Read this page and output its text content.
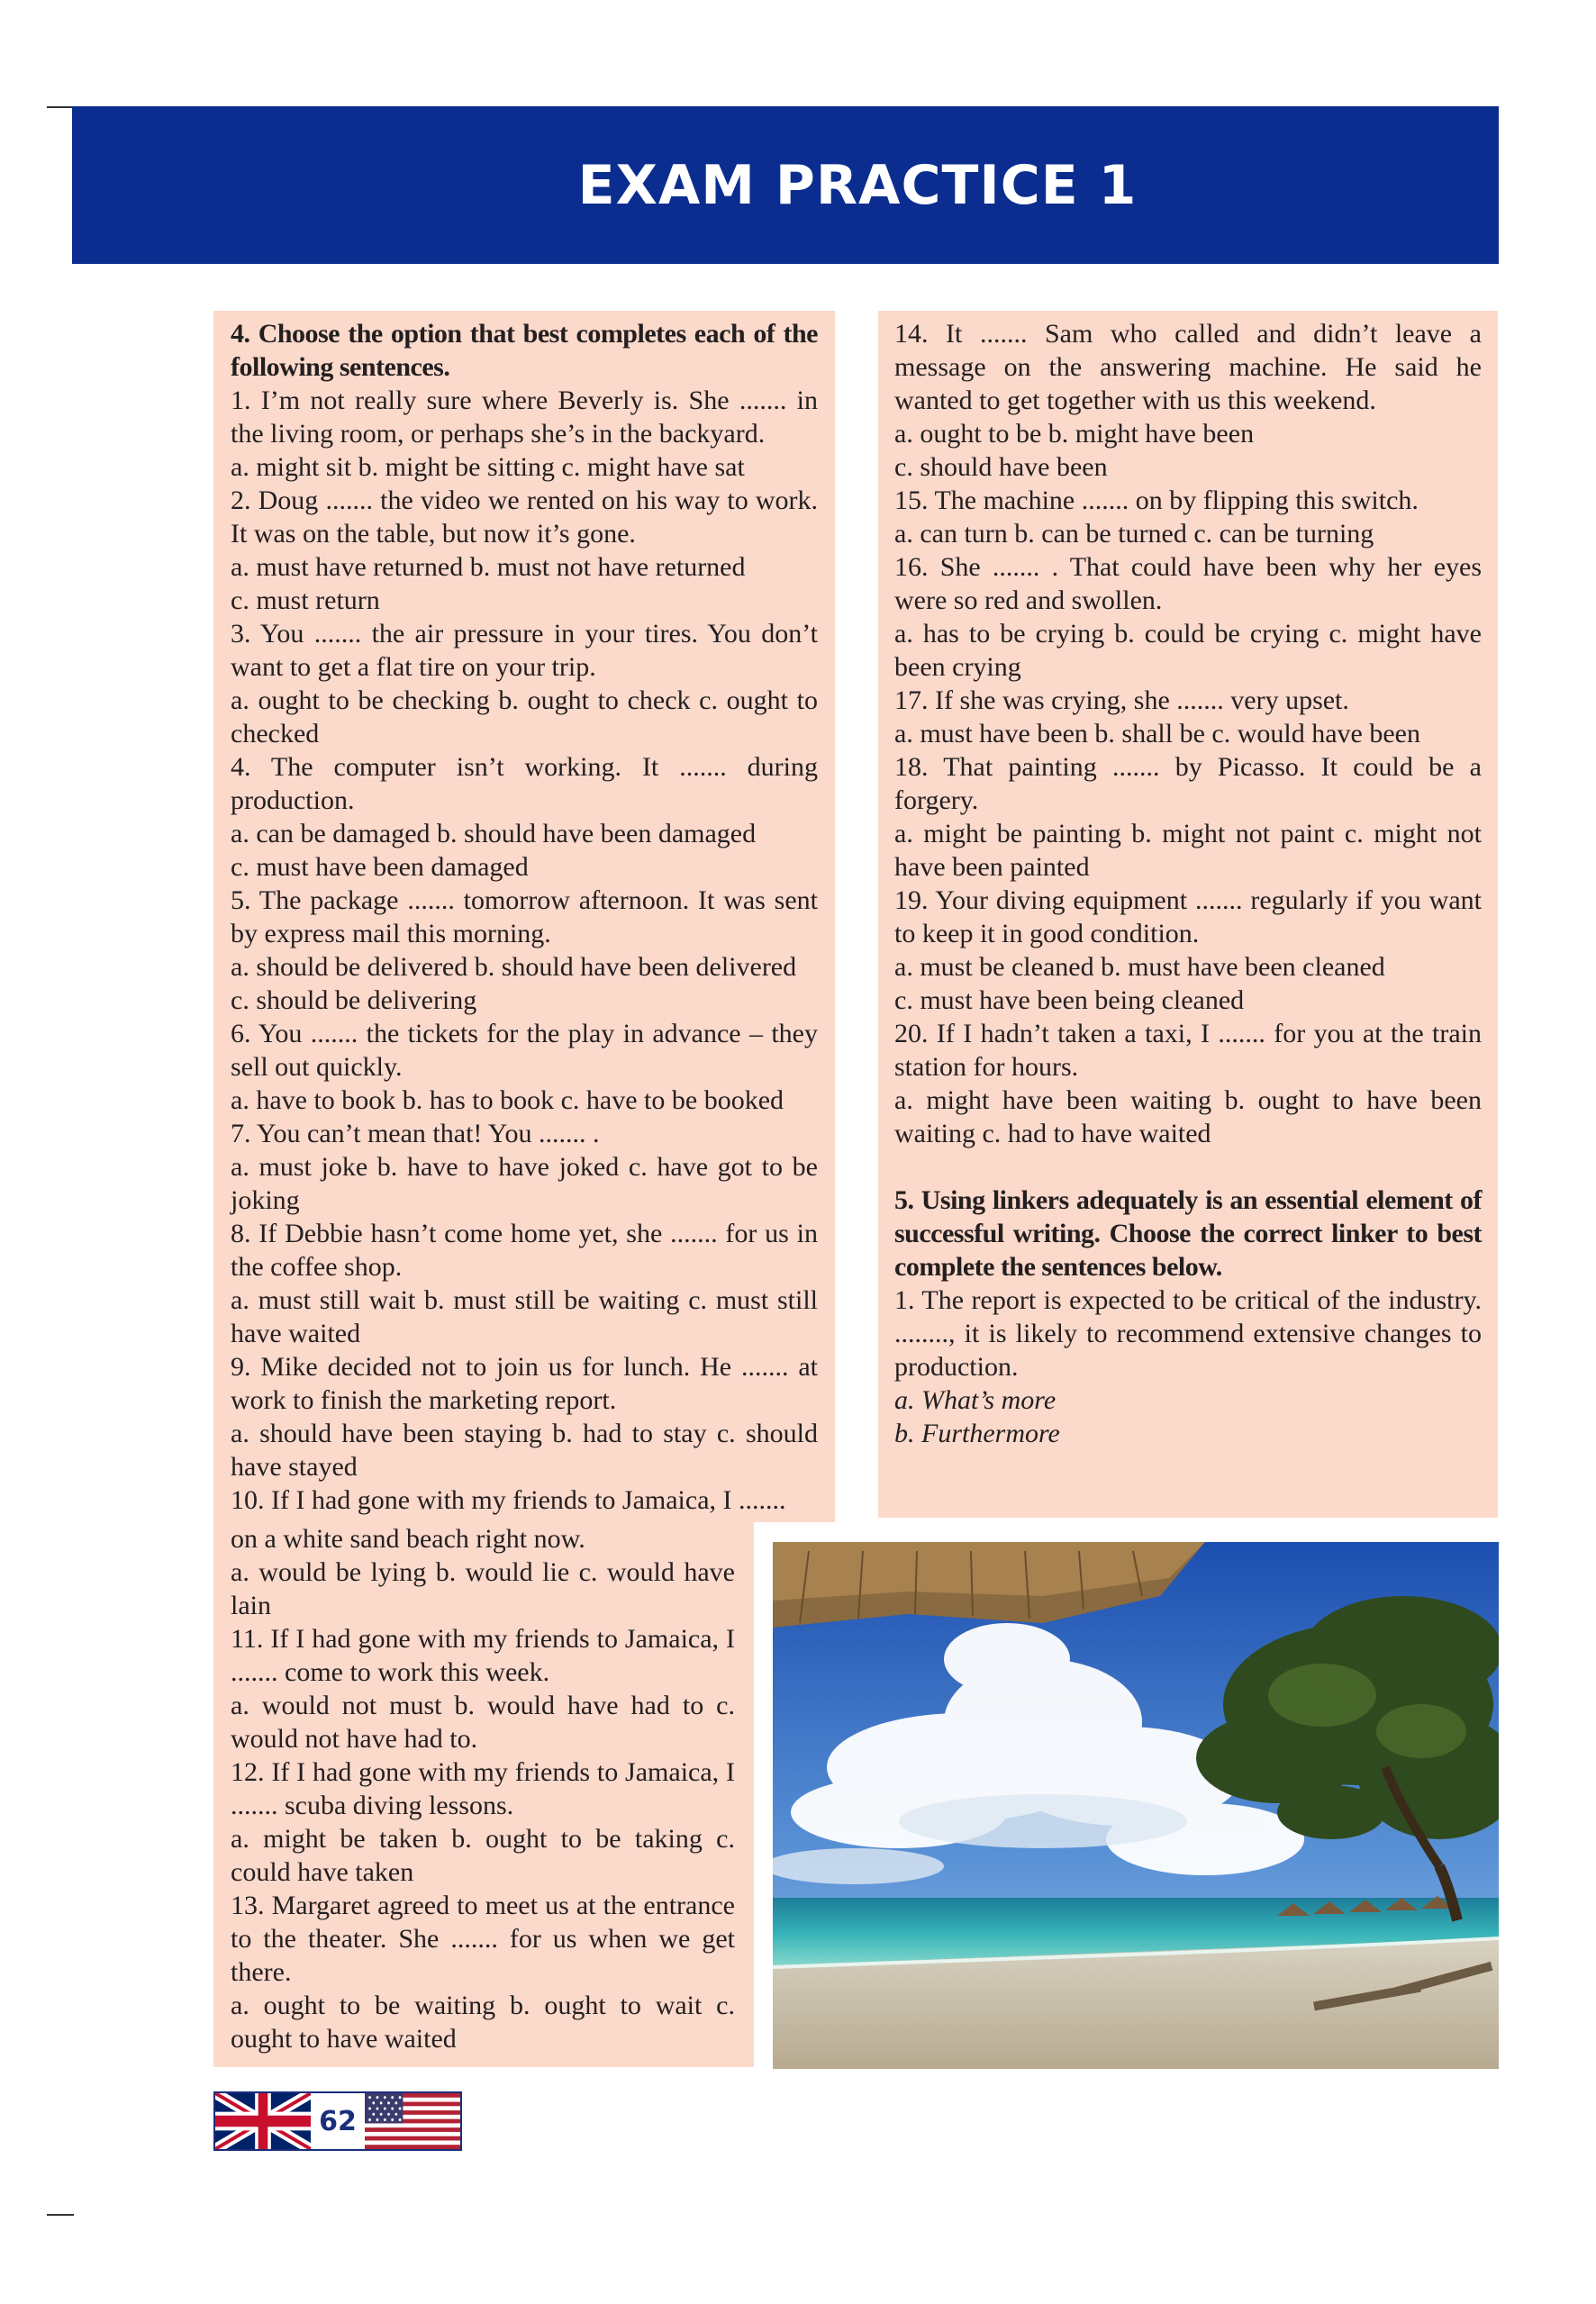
EXAM PRACTICE 1

4. Choose the option that best completes each of the following sentences.

1. I’m not really sure where Beverly is. She ....... in the living room, or perhaps she’s in the backyard.

a. might sit b. might be sitting c. might have sat

2. Doug ....... the video we rented on his way to work. It was on the table, but now it’s gone.

a. must have returned b. must not have returned

c. must return

3. You ....... the air pressure in your tires. You don’t want to get a flat tire on your trip.

a. ought to be checking b. ought to check c. ought to checked

4. The computer isn’t working. It ....... during production.

a. can be damaged b. should have been damaged

c. must have been damaged

5. The package ....... tomorrow afternoon. It was sent by express mail this morning.

a. should be delivered b. should have been delivered

c. should be delivering

6. You ....... the tickets for the play in advance – they sell out quickly.

a. have to book b. has to book c. have to be booked

7. You can’t mean that! You ....... .

a. must joke b. have to have joked c. have got to be joking

8. If Debbie hasn’t come home yet, she ....... for us in the coffee shop.

a. must still wait b. must still be waiting c. must still have waited

9. Mike decided not to join us for lunch. He ....... at work to finish the marketing report.

a. should have been staying b. had to stay c. should have stayed

10. If I had gone with my friends to Jamaica, I .......

on a white sand beach right now.

a. would be lying b. would lie c. would have lain

11. If I had gone with my friends to Jamaica, I ....... come to work this week.

a. would not must b. would have had to c. would not have had to.

12. If I had gone with my friends to Jamaica, I ....... scuba diving lessons.

a. might be taken b. ought to be taking c. could have taken

13. Margaret agreed to meet us at the entrance to the theater. She ....... for us when we get there.

a. ought to be waiting b. ought to wait c. ought to have waited

14. It ....... Sam who called and didn’t leave a message on the answering machine. He said he wanted to get together with us this weekend.

a. ought to be b. might have been

c. should have been

15. The machine ....... on by flipping this switch.

a. can turn b. can be turned c. can be turning

16. She ....... . That could have been why her eyes were so red and swollen.

a. has to be crying b. could be crying c. might have been crying

17. If she was crying, she ....... very upset.

a. must have been b. shall be c. would have been

18. That painting ....... by Picasso. It could be a forgery.

a. might be painting b. might not paint c. might not have been painted

19. Your diving equipment ....... regularly if you want to keep it in good condition.

a. must be cleaned b. must have been cleaned

c. must have been being cleaned

20. If I hadn’t taken a taxi, I ....... for you at the train station for hours.

a. might have been waiting b. ought to have been waiting c. had to have waited

5. Using linkers adequately is an essential element of successful writing. Choose the correct linker to best complete the sentences below.

1. The report is expected to be critical of the industry. ........, it is likely to recommend extensive changes to production.

a. What’s more

b. Furthermore

62
